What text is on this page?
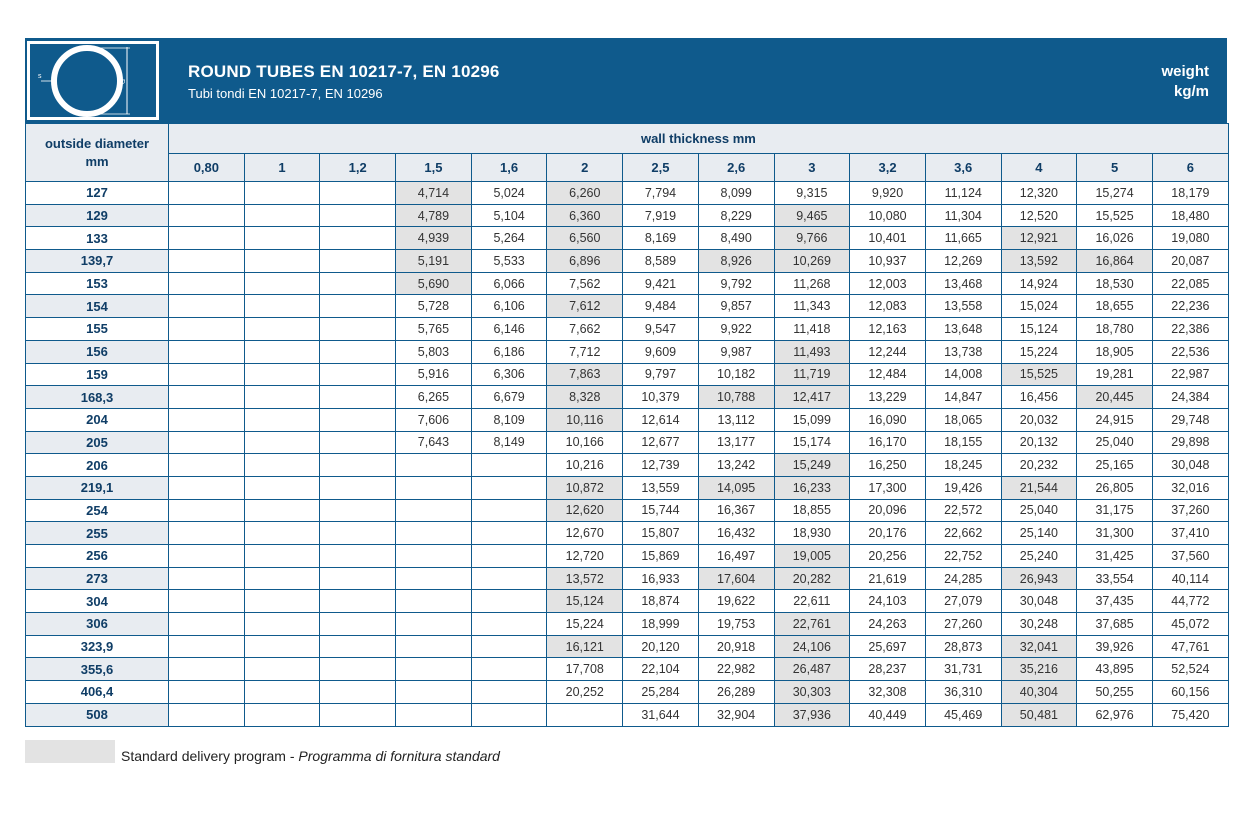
s
D
ROUND TUBES EN 10217-7, EN 10296
Tubi tondi EN 10217-7, EN 10296
weight
kg/m
outside diameter
mm	wall thickness mm													
	0,80	1	1,2	1,5	1,6	2	2,5	2,6	3	3,2	3,6	4	5	6
127				4,714	5,024	6,260	7,794	8,099	9,315	9,920	11,124	12,320	15,274	18,179
129				4,789	5,104	6,360	7,919	8,229	9,465	10,080	11,304	12,520	15,525	18,480
133				4,939	5,264	6,560	8,169	8,490	9,766	10,401	11,665	12,921	16,026	19,080
139,7				5,191	5,533	6,896	8,589	8,926	10,269	10,937	12,269	13,592	16,864	20,087
153				5,690	6,066	7,562	9,421	9,792	11,268	12,003	13,468	14,924	18,530	22,085
154				5,728	6,106	7,612	9,484	9,857	11,343	12,083	13,558	15,024	18,655	22,236
155				5,765	6,146	7,662	9,547	9,922	11,418	12,163	13,648	15,124	18,780	22,386
156				5,803	6,186	7,712	9,609	9,987	11,493	12,244	13,738	15,224	18,905	22,536
159				5,916	6,306	7,863	9,797	10,182	11,719	12,484	14,008	15,525	19,281	22,987
168,3				6,265	6,679	8,328	10,379	10,788	12,417	13,229	14,847	16,456	20,445	24,384
204				7,606	8,109	10,116	12,614	13,112	15,099	16,090	18,065	20,032	24,915	29,748
205				7,643	8,149	10,166	12,677	13,177	15,174	16,170	18,155	20,132	25,040	29,898
206						10,216	12,739	13,242	15,249	16,250	18,245	20,232	25,165	30,048
219,1						10,872	13,559	14,095	16,233	17,300	19,426	21,544	26,805	32,016
254						12,620	15,744	16,367	18,855	20,096	22,572	25,040	31,175	37,260
255						12,670	15,807	16,432	18,930	20,176	22,662	25,140	31,300	37,410
256						12,720	15,869	16,497	19,005	20,256	22,752	25,240	31,425	37,560
273						13,572	16,933	17,604	20,282	21,619	24,285	26,943	33,554	40,114
304						15,124	18,874	19,622	22,611	24,103	27,079	30,048	37,435	44,772
306						15,224	18,999	19,753	22,761	24,263	27,260	30,248	37,685	45,072
323,9						16,121	20,120	20,918	24,106	25,697	28,873	32,041	39,926	47,761
355,6						17,708	22,104	22,982	26,487	28,237	31,731	35,216	43,895	52,524
406,4						20,252	25,284	26,289	30,303	32,308	36,310	40,304	50,255	60,156
508							31,644	32,904	37,936	40,449	45,469	50,481	62,976	75,420
Standard delivery program - Programma di fornitura standard
